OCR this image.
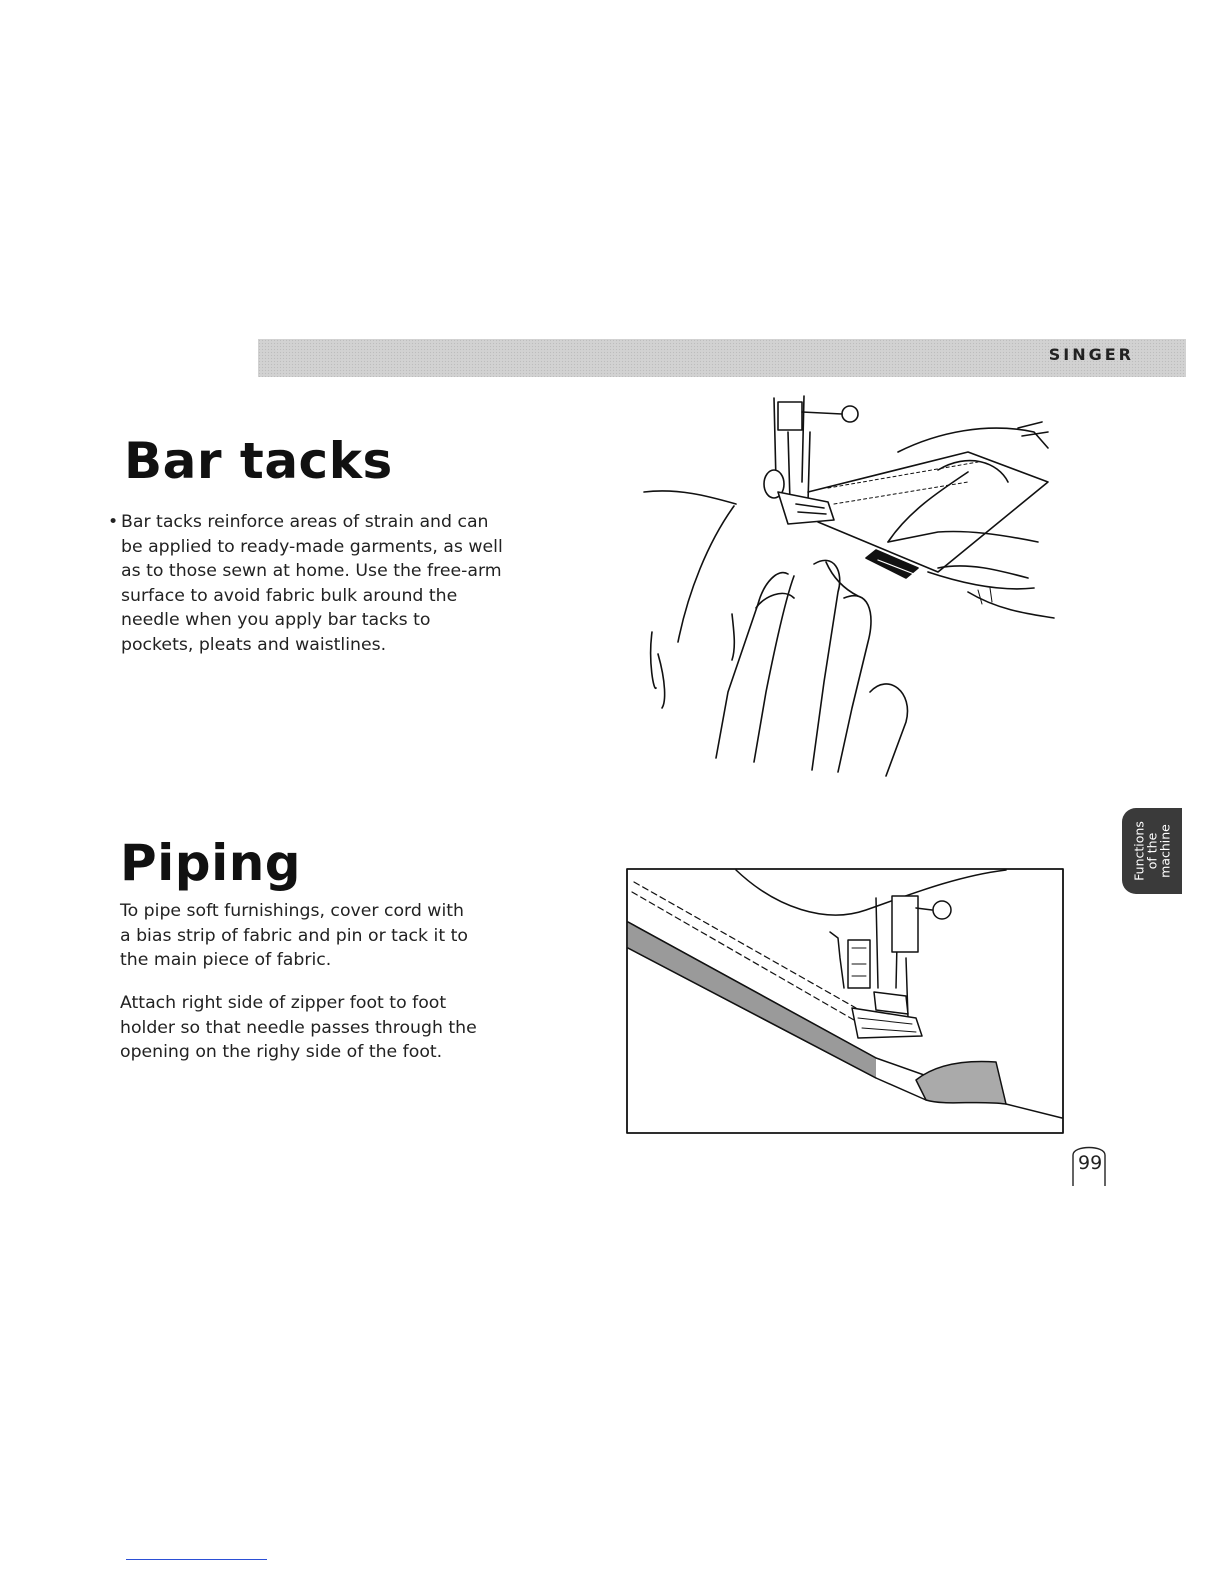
SINGER
Bar tacks
• Bar tacks reinforce areas of strain and can be applied to ready-made garments, as well as to those sewn at home. Use the free-arm surface to avoid fabric bulk around the needle when you apply bar tacks to pockets, pleats and waistlines.
Piping

To pipe soft furnishings, cover cord with a bias strip of fabric and pin or tack it to the main piece of fabric.

Attach right side of zipper foot to foot holder so that needle passes through the opening on the righy side of the foot.

Functions
of the
machine
99
